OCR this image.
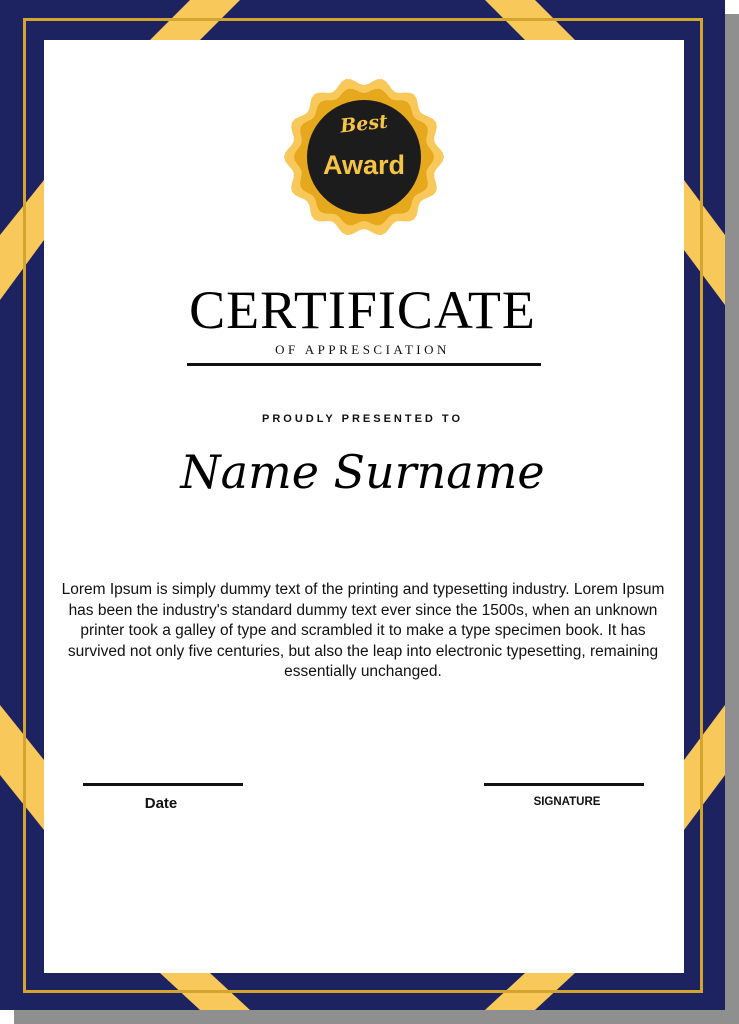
Best
Award
CERTIFICATE
OF APPRESCIATION
PROUDLY PRESENTED TO
Name Surname
Lorem Ipsum is simply dummy text of the printing and typesetting industry. Lorem Ipsum has been the industry's standard dummy text ever since the 1500s, when an unknown printer took a galley of type and scrambled it to make a type specimen book. It has survived not only five centuries, but also the leap into electronic typesetting, remaining essentially unchanged.
Date	SIGNATURE
